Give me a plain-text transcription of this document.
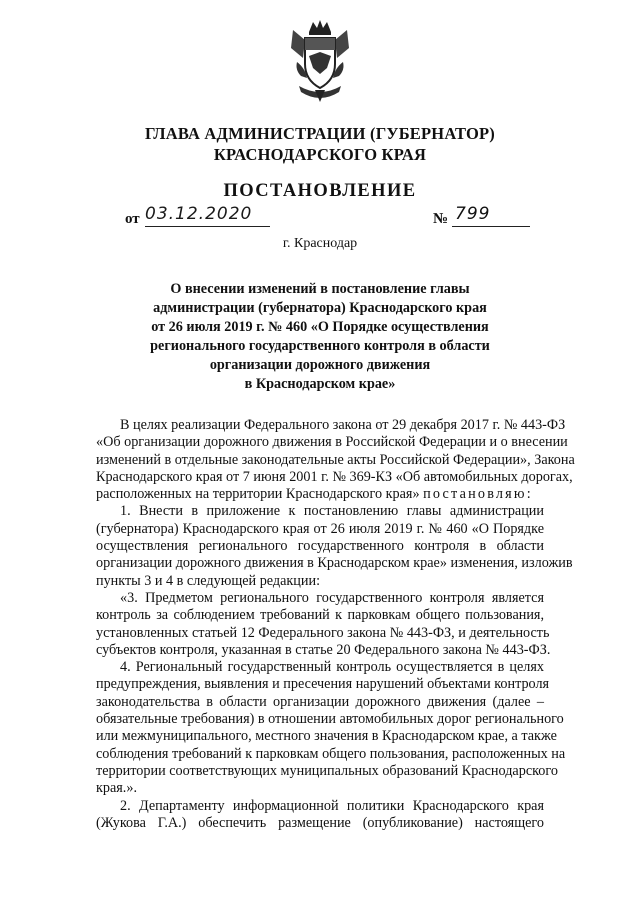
ГЛАВА АДМИНИСТРАЦИИ (ГУБЕРНАТОР)
КРАСНОДАРСКОГО КРАЯ
ПОСТАНОВЛЕНИЕ
от 03.12.2020	№ 799
г. Краснодар
О внесении изменений в постановление главы
администрации (губернатора) Краснодарского края
от 26 июля 2019 г. № 460 «О Порядке осуществления
регионального государственного контроля в области
организации дорожного движения
в Краснодарском крае»

В целях реализации Федерального закона от 29 декабря 2017 г. № 443-ФЗ

«Об организации дорожного движения в Российской Федерации и о внесении

изменений в отдельные законодательные акты Российской Федерации», Закона

Краснодарского края от 7 июня 2001 г. № 369-КЗ «Об автомобильных дорогах,

расположенных на территории Краснодарского края» постановляю:

1. Внести в приложение к постановлению главы администрации

(губернатора) Краснодарского края от 26 июля 2019 г. № 460 «О Порядке

осуществления регионального государственного контроля в области

организации дорожного движения в Краснодарском крае» изменения, изложив

пункты 3 и 4 в следующей редакции:

«3. Предметом регионального государственного контроля является

контроль за соблюдением требований к парковкам общего пользования,

установленных статьей 12 Федерального закона № 443-ФЗ, и деятельность

субъектов контроля, указанная в статье 20 Федерального закона № 443-ФЗ.

4. Региональный государственный контроль осуществляется в целях

предупреждения, выявления и пресечения нарушений объектами контроля

законодательства в области организации дорожного движения (далее –

обязательные требования) в отношении автомобильных дорог регионального

или межмуниципального, местного значения в Краснодарском крае, а также

соблюдения требований к парковкам общего пользования, расположенных на

территории соответствующих муниципальных образований Краснодарского

края.».

2. Департаменту информационной политики Краснодарского края

(Жукова Г.А.) обеспечить размещение (опубликование) настоящего
